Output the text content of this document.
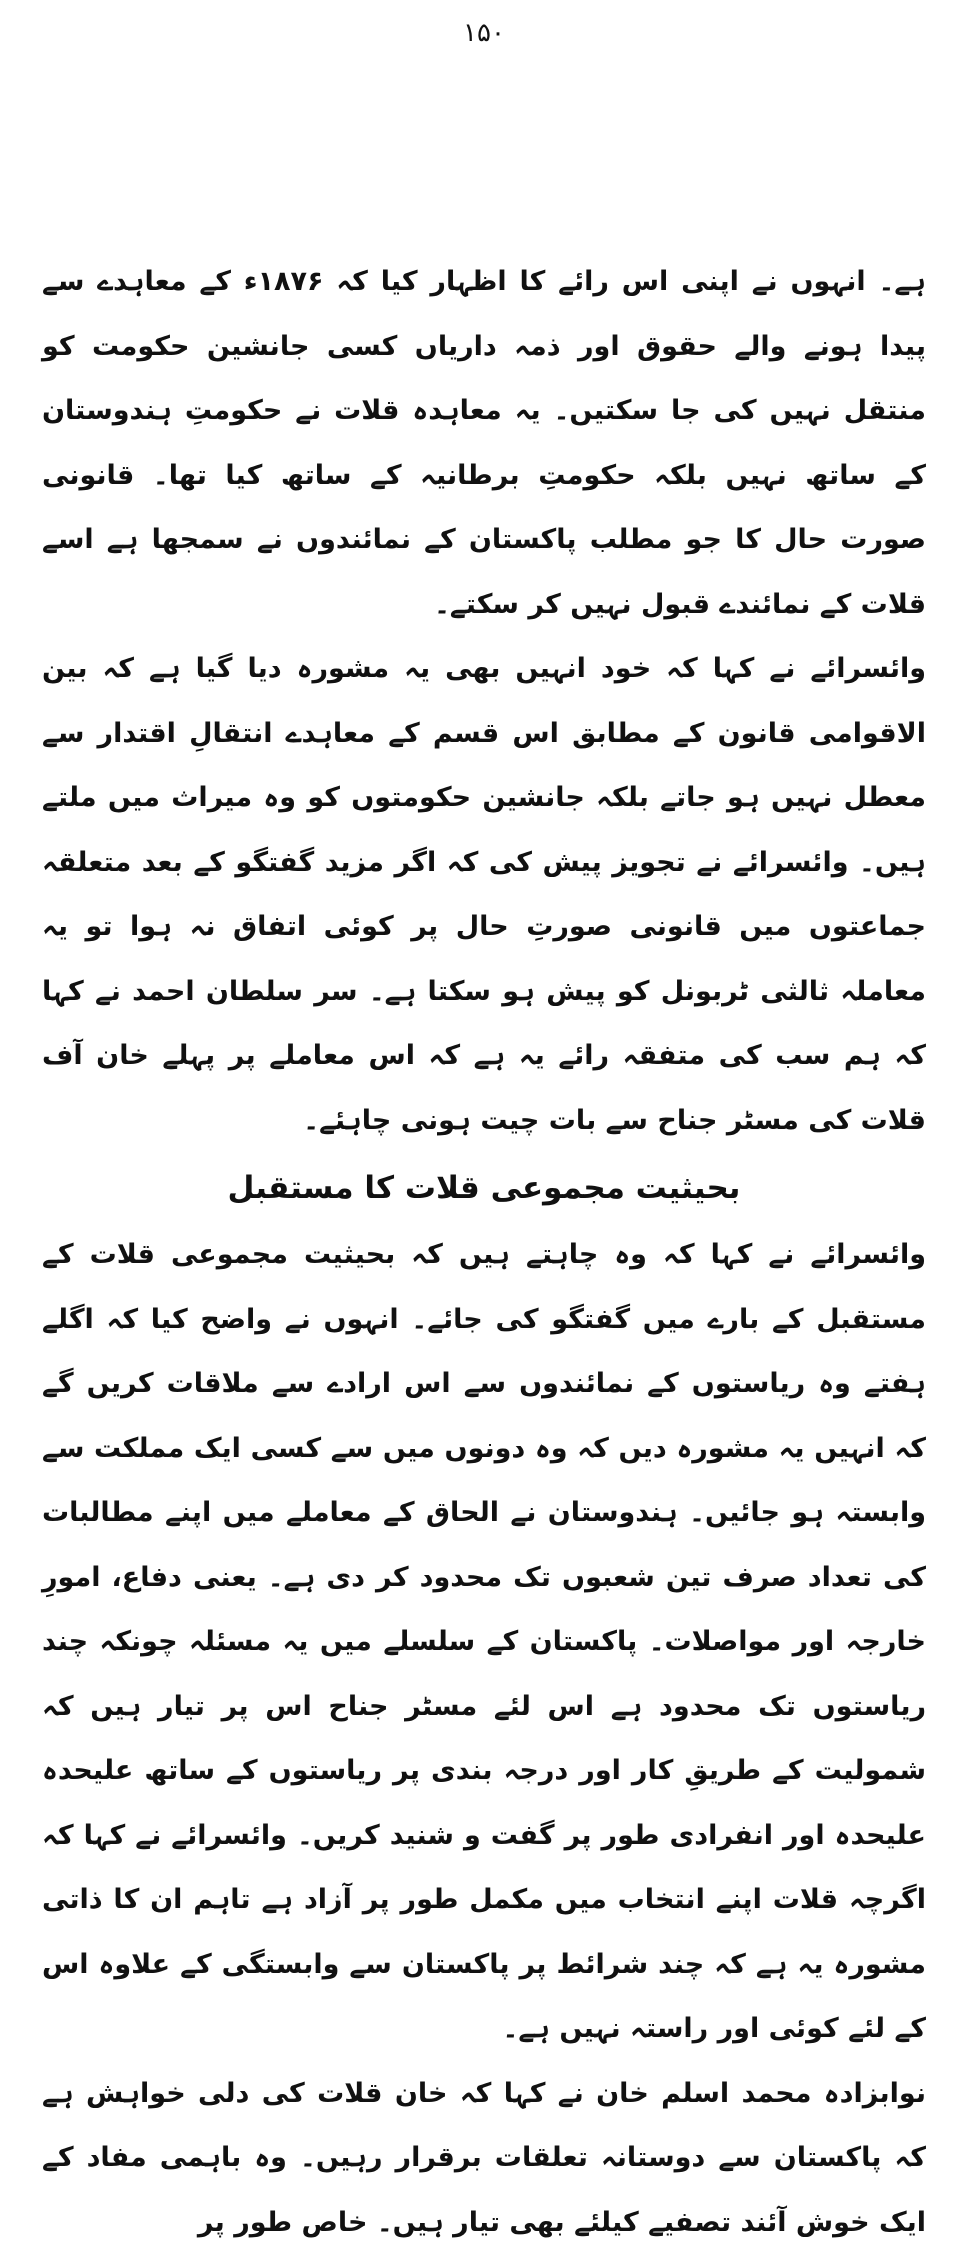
۱۵۰

ہے۔ انہوں نے اپنی اس رائے کا اظہار کیا کہ ۱۸۷۶ء کے معاہدے سے پیدا ہونے والے حقوق اور ذمہ داریاں کسی جانشین حکومت کو منتقل نہیں کی جا سکتیں۔ یہ معاہدہ قلات نے حکومتِ ہندوستان کے ساتھ نہیں بلکہ حکومتِ برطانیہ کے ساتھ کیا تھا۔ قانونی صورت حال کا جو مطلب پاکستان کے نمائندوں نے سمجھا ہے اسے قلات کے نمائندے قبول نہیں کر سکتے۔

وائسرائے نے کہا کہ خود انہیں بھی یہ مشورہ دیا گیا ہے کہ بین الاقوامی قانون کے مطابق اس قسم کے معاہدے انتقالِ اقتدار سے معطل نہیں ہو جاتے بلکہ جانشین حکومتوں کو وہ میراث میں ملتے ہیں۔ وائسرائے نے تجویز پیش کی کہ اگر مزید گفتگو کے بعد متعلقہ جماعتوں میں قانونی صورتِ حال پر کوئی اتفاق نہ ہوا تو یہ معاملہ ثالثی ٹربونل کو پیش ہو سکتا ہے۔ سر سلطان احمد نے کہا کہ ہم سب کی متفقہ رائے یہ ہے کہ اس معاملے پر پہلے خان آف قلات کی مسٹر جناح سے بات چیت ہونی چاہئے۔

بحیثیت مجموعی قلات کا مستقبل

وائسرائے نے کہا کہ وہ چاہتے ہیں کہ بحیثیت مجموعی قلات کے مستقبل کے بارے میں گفتگو کی جائے۔ انہوں نے واضح کیا کہ اگلے ہفتے وہ ریاستوں کے نمائندوں سے اس ارادے سے ملاقات کریں گے کہ انہیں یہ مشورہ دیں کہ وہ دونوں میں سے کسی ایک مملکت سے وابستہ ہو جائیں۔ ہندوستان نے الحاق کے معاملے میں اپنے مطالبات کی تعداد صرف تین شعبوں تک محدود کر دی ہے۔ یعنی دفاع، امورِ خارجہ اور مواصلات۔ پاکستان کے سلسلے میں یہ مسئلہ چونکہ چند ریاستوں تک محدود ہے اس لئے مسٹر جناح اس پر تیار ہیں کہ شمولیت کے طریقِ کار اور درجہ بندی پر ریاستوں کے ساتھ علیحدہ علیحدہ اور انفرادی طور پر گفت و شنید کریں۔ وائسرائے نے کہا کہ اگرچہ قلات اپنے انتخاب میں مکمل طور پر آزاد ہے تاہم ان کا ذاتی مشورہ یہ ہے کہ چند شرائط پر پاکستان سے وابستگی کے علاوہ اس کے لئے کوئی اور راستہ نہیں ہے۔

نوابزادہ محمد اسلم خان نے کہا کہ خان قلات کی دلی خواہش ہے کہ پاکستان سے دوستانہ تعلقات برقرار رہیں۔ وہ باہمی مفاد کے ایک خوش آئند تصفیے کیلئے بھی تیار ہیں۔ خاص طور پر
